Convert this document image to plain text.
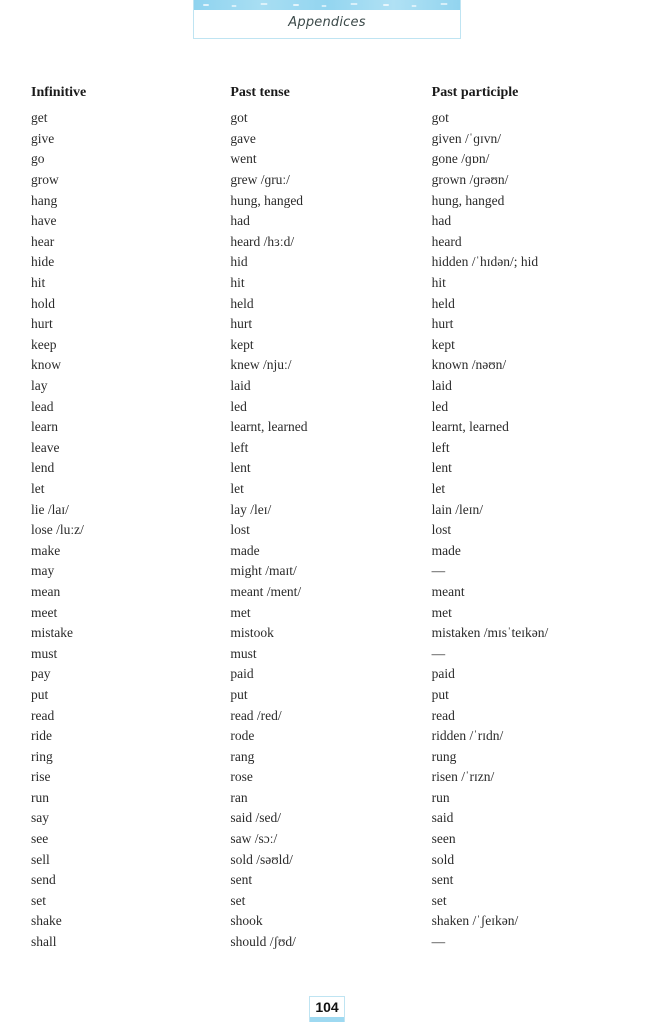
Appendices
Infinitive	Past tense	Past participle
get	got	got
give	gave	given /ˈɡɪvn/
go	went	gone /ɡɒn/
grow	grew /ɡruː/	grown /ɡrəʊn/
hang	hung, hanged	hung, hanged
have	had	had
hear	heard /hɜːd/	heard
hide	hid	hidden /ˈhɪdən/; hid
hit	hit	hit
hold	held	held
hurt	hurt	hurt
keep	kept	kept
know	knew /njuː/	known /nəʊn/
lay	laid	laid
lead	led	led
learn	learnt, learned	learnt, learned
leave	left	left
lend	lent	lent
let	let	let
lie /laɪ/	lay /leɪ/	lain /leɪn/
lose /luːz/	lost	lost
make	made	made
may	might /maɪt/	—
mean	meant /ment/	meant
meet	met	met
mistake	mistook	mistaken /mɪsˈteɪkən/
must	must	—
pay	paid	paid
put	put	put
read	read /red/	read
ride	rode	ridden /ˈrɪdn/
ring	rang	rung
rise	rose	risen /ˈrɪzn/
run	ran	run
say	said /sed/	said
see	saw /sɔː/	seen
sell	sold /səʊld/	sold
send	sent	sent
set	set	set
shake	shook	shaken /ˈʃeɪkən/
shall	should /ʃʊd/	—
104
